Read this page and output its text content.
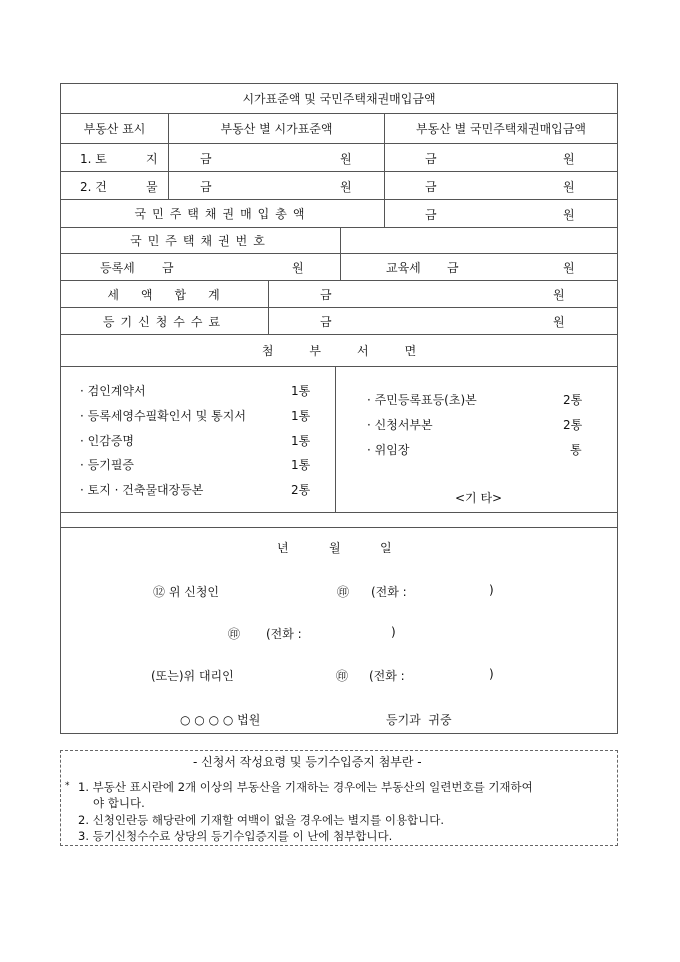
시가표준액 및 국민주택채권매입금액
부동산 표시	부동산 별 시가표준액	부동산 별 국민주택채권매입금액
1. 토	지	금	원	금	원
2. 건	물	금	원	금	원
국민주택채권매입총액	금	원
국민주택채권번호
등록세 금	원	교육세 금	원
세액합계	금	원
등기신청수수료	금	원
첨부서면
· 검인계약서	1통
· 등록세영수필확인서 및 통지서	1통
· 인감증명	1통
· 등기필증	1통
· 토지 · 건축물대장등본	2통
· 주민등록표등(초)본	2통
· 신청서부본	2통
· 위임장	통
<기 타>
년	월	일
⑫ 위 신청인	㊞ (전화 :	)
㊞ (전화 :	)
(또는)위 대리인	㊞ (전화 :	)
○ ○ ○ ○ 법원	등기과  귀중
- 신청서 작성요령 및 등기수입증지 첨부란 -
* 1. 부동산 표시란에 2개 이상의 부동산을 기재하는 경우에는 부동산의 일련번호를 기재하여
야 합니다.
2. 신청인란등 해당란에 기재할 여백이 없을 경우에는 별지를 이용합니다.
3. 등기신청수수료 상당의 등기수입증지를 이 난에 첨부합니다.
